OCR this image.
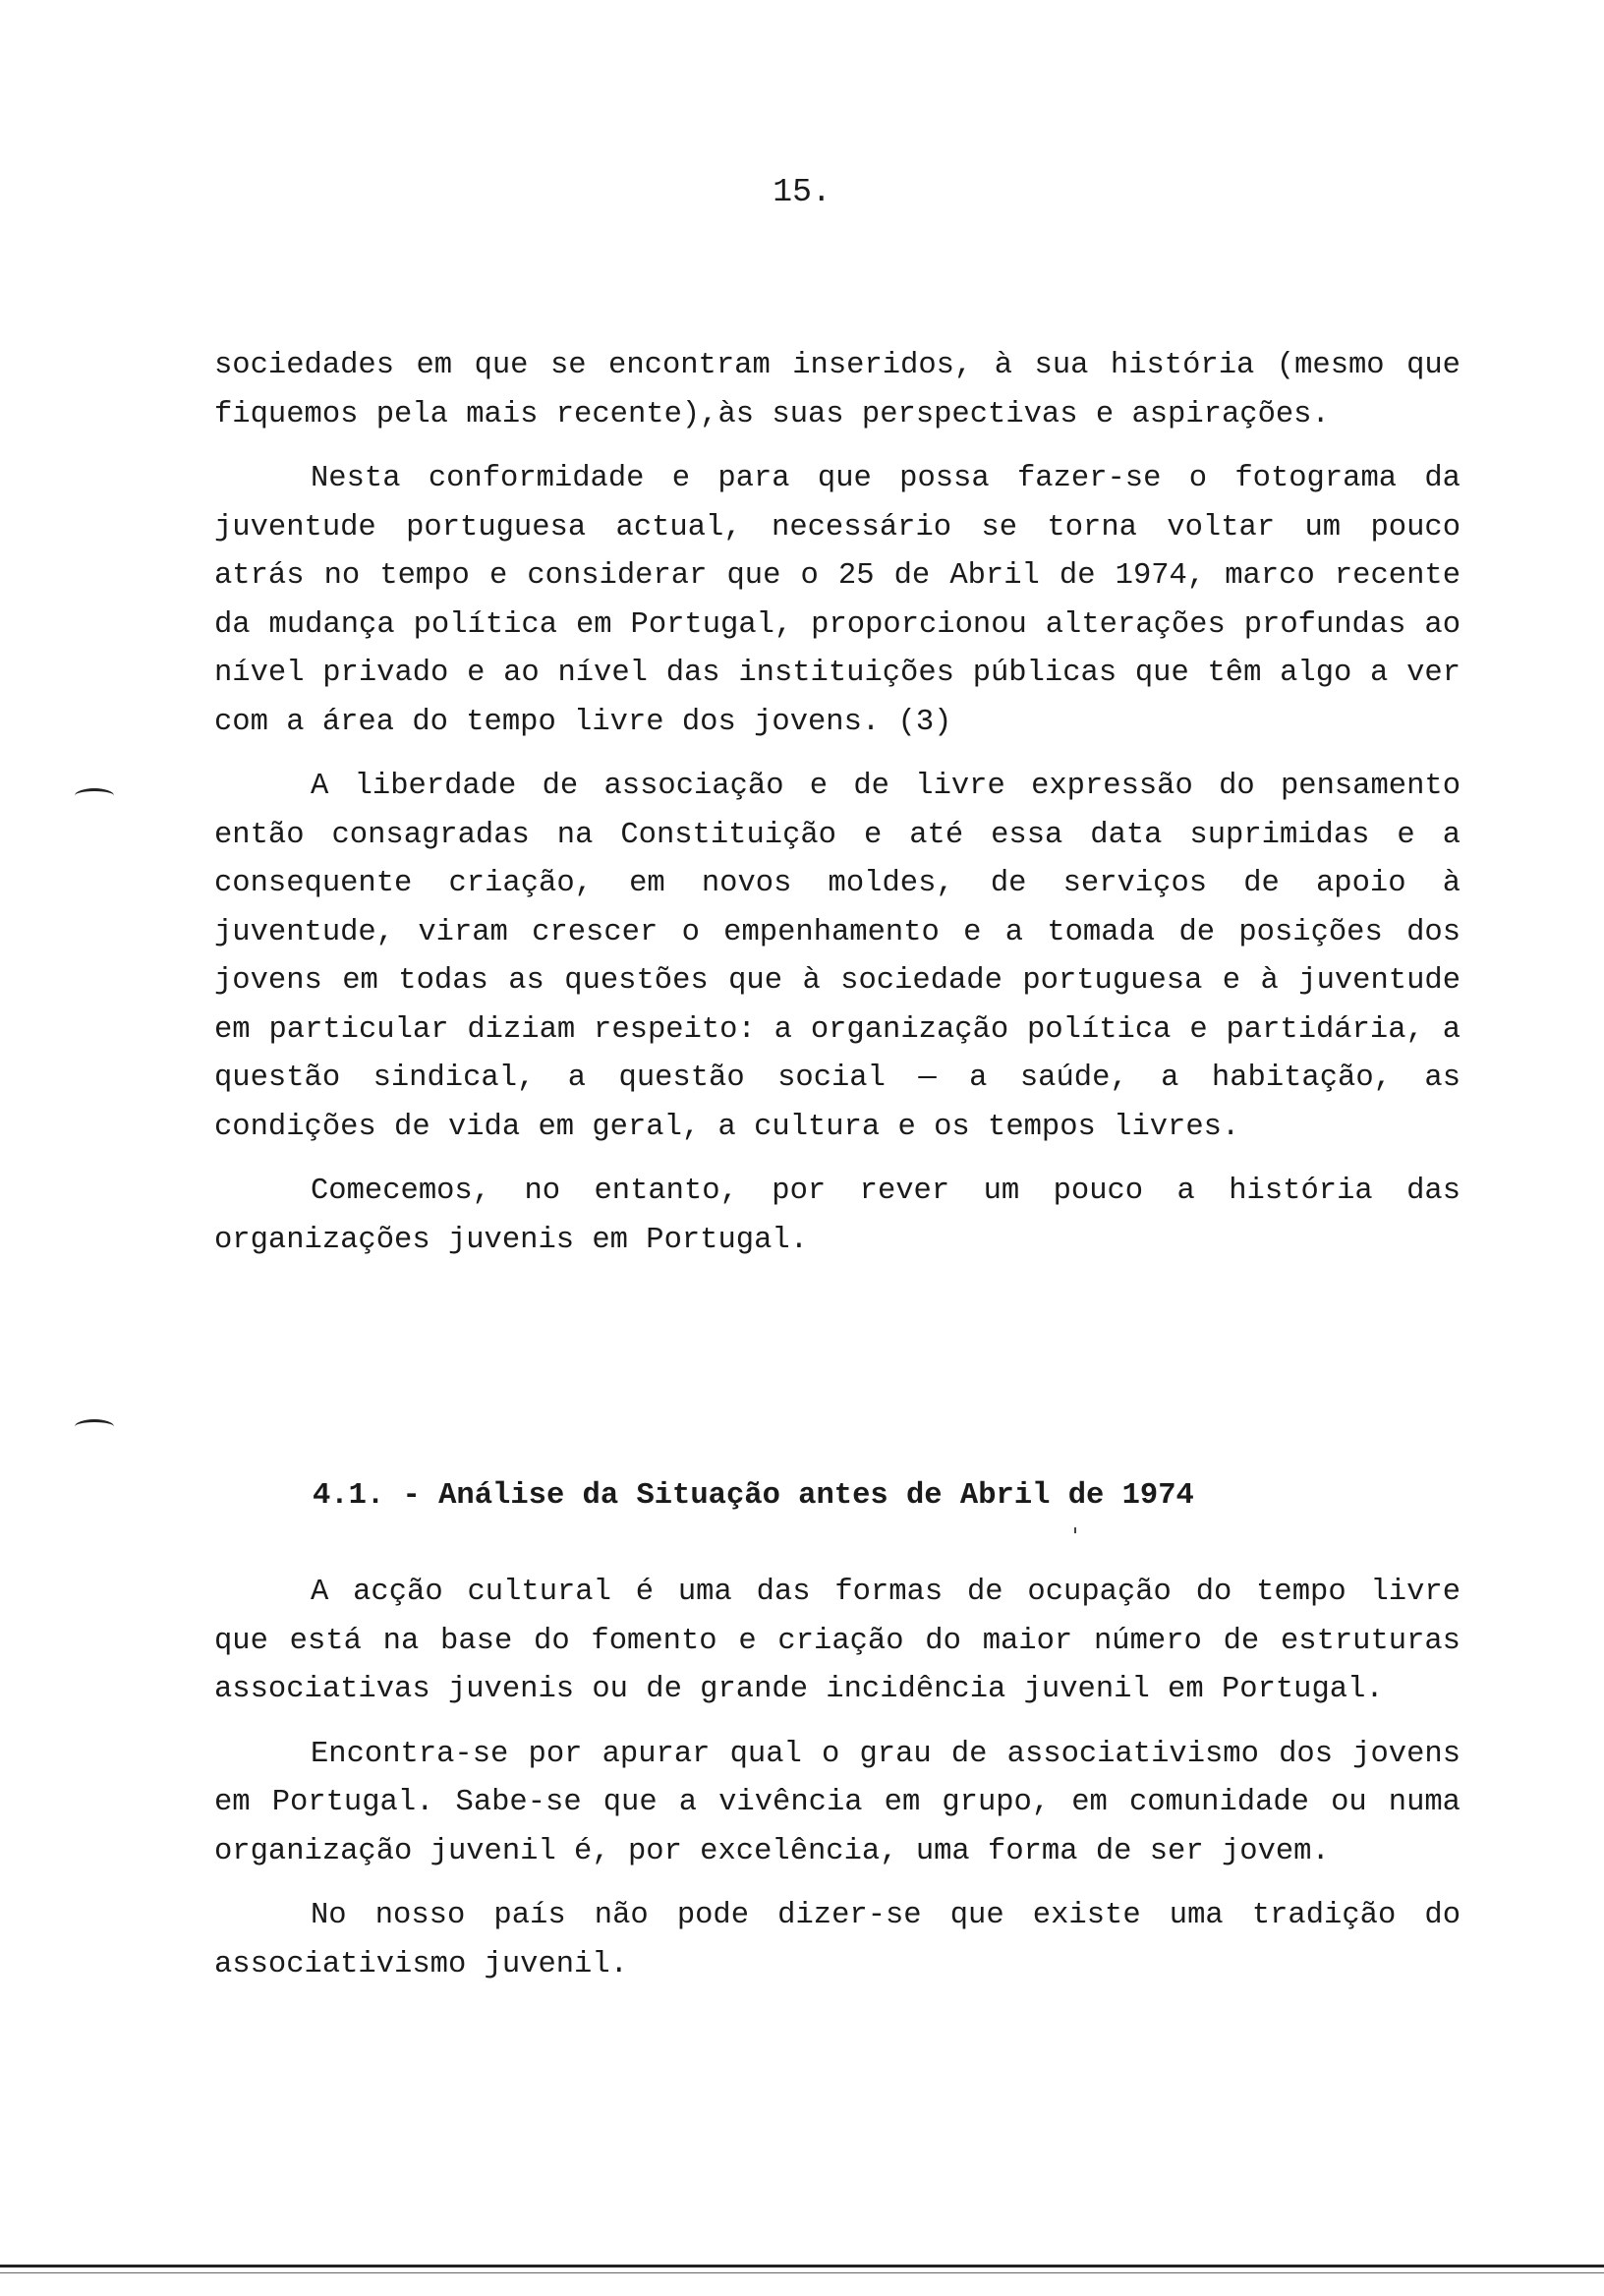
15.

sociedades em que se encontram inseridos, à sua história (mesmo que fiquemos pela mais recente),às suas perspectivas e aspirações.

Nesta conformidade e para que possa fazer-se o fotograma da juventude portuguesa actual, necessário se torna voltar um pouco atrás no tempo e considerar que o 25 de Abril de 1974, marco recente da mudança política em Portugal, proporcionou alterações profundas ao nível privado e ao nível das instituições públicas que têm algo a ver com a área do tempo livre dos jovens. (3)

A liberdade de associação e de livre expressão do pensamento então consagradas na Constituição e até essa data suprimidas e a consequente criação, em novos moldes, de serviços de apoio à juventude, viram crescer o empenhamento e a tomada de posições dos jovens em todas as questões que à sociedade portuguesa e à juventude em particular diziam respeito: a organização política e partidária, a questão sindical, a questão social — a saúde, a habitação, as condições de vida em geral, a cultura e os tempos livres.

Comecemos, no entanto, por rever um pouco a história das organizações juvenis em Portugal.

4.1. - Análise da Situação antes de Abril de 1974

A acção cultural é uma das formas de ocupação do tempo livre que está na base do fomento e criação do maior número de estruturas associativas juvenis ou de grande incidência juvenil em Portugal.

Encontra-se por apurar qual o grau de associativismo dos jovens em Portugal. Sabe-se que a vivência em grupo, em comunidade ou numa organização juvenil é, por excelência, uma forma de ser jovem.

No nosso país não pode dizer-se que existe uma tradição do associativismo juvenil.
